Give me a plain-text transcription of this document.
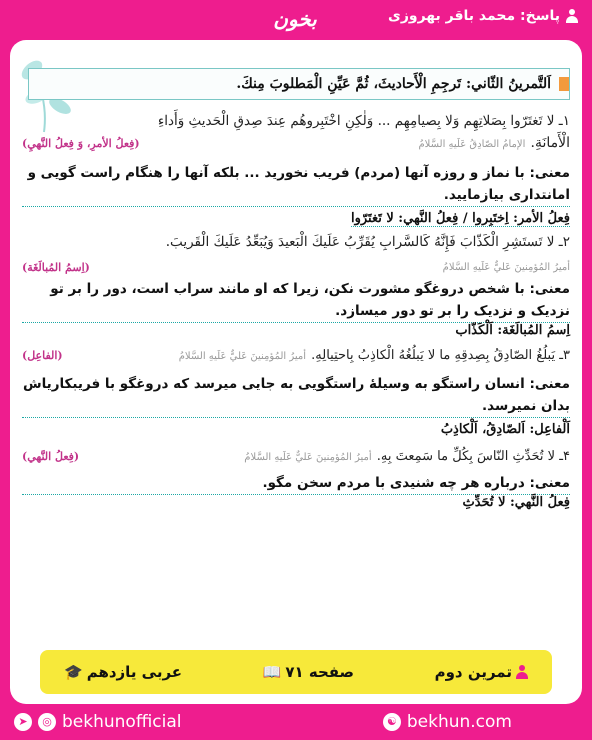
پاسخ: محمد باقر بهروزی
بخون
اَلتَّمرينُ الثّاني: تَرجِمِ الْأَحاديثَ، ثُمَّ عَيِّنِ الْمَطلوبَ مِنكَ.
۱ـ لا تَغتَرّوا بِصَلاتِهِم وَلا بِصيامِهِم ... وَلٰكِنِ اخْتَبِروهُم عِندَ صِدقِ الْحَديثِ وَأَداءِ
الْأَمانَةِ. الإمامُ الصّادِقُ عَلَيهِ السَّلامُ
(فِعلُ الأمرِ، وَ فِعلُ النَّهيِ)
معنی: با نماز و روزه آنها (مردم) فریب نخورید ... بلکه آنها را هنگام راست گویی و امانتداری بیازمایید.
فِعلُ الأمر: اِختَبِروا / فِعلُ النَّهي: لا تَغتَرّوا
۲ـ لا تَستَشِرِ الْكَذّابَ فَإِنَّهُ كَالسَّرابِ يُقَرِّبُ عَلَيكَ الْبَعيدَ وَيُبَعِّدُ عَلَيكَ الْقَريبَ.
أميرُ المُؤمِنينَ عَليٌّ عَلَيهِ السَّلامُ
(اِسمُ المُبالَغَة)
معنی: با شخص دروغگو مشورت نکن، زیرا که او مانند سراب است، دور را بر تو نزدیک و نزدیک را بر تو دور میسازد.
اِسمُ المُبالَغَة: اَلْكَذّاب
۳ـ يَبلُغُ الصّادِقُ بِصِدقِهِ ما لا يَبلُغُهُ الْكاذِبُ بِاحتِيالِهِ. أميرُ المُؤمِنينَ عَليٌّ عَلَيهِ السَّلامُ
(الفاعِل)
معنی: انسان راستگو به وسیلۀ راستگویی به جایی میرسد که دروغگو با فریبکاریاش بدان نمیرسد.
اَلْفاعِل: اَلصّادِقُ، اَلْكاذِبُ
۴ـ لا تُحَدِّثِ النّاسَ بِكُلِّ ما سَمِعتَ بِهِ. أميرُ المُؤمِنينَ عَليٌّ عَلَيهِ السَّلامُ
(فِعلُ النَّهي)
معنی: درباره هر چه شنیدی با مردم سخن مگو.
فِعلُ النَّهي: لا تُحَدِّثِ
تمرین دوم
صفحه ۷۱
📖
عربی یازدهم
🎓
➤	◎ bekhunofficial	☯ bekhun.com
